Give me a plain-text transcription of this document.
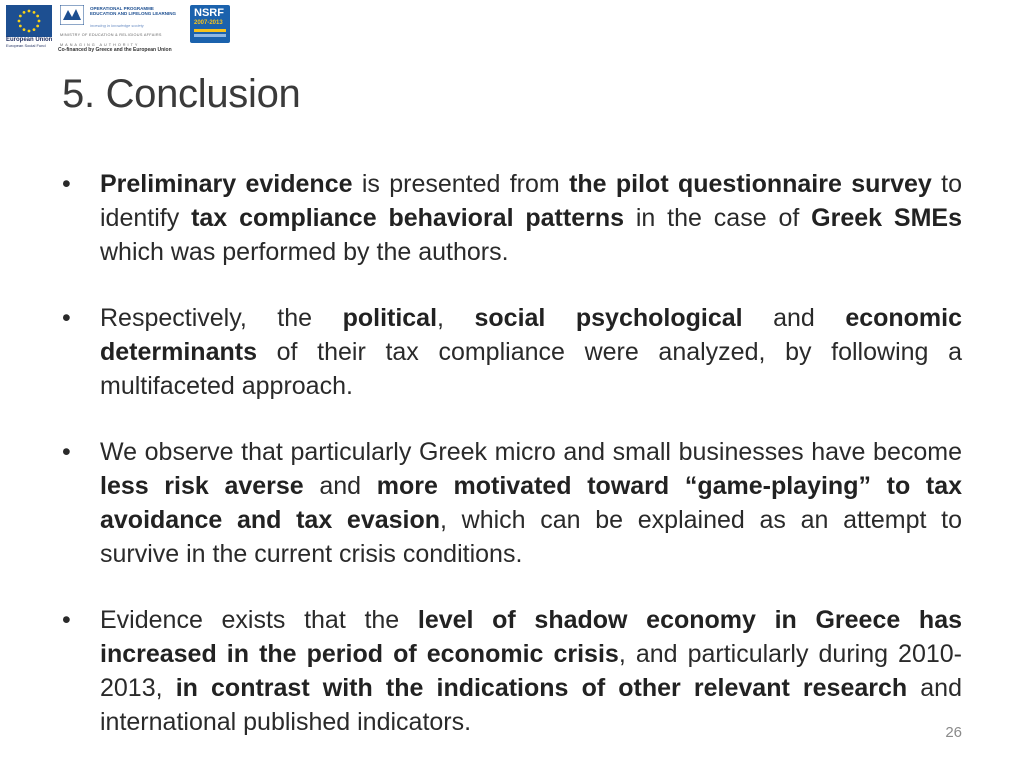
European Union
European Social Fund
OPERATIONAL PROGRAMME
EDUCATION AND LIFELONG LEARNING
investing in knowledge society
MINISTRY OF EDUCATION & RELIGIOUS AFFAIRS
MANAGING AUTHORITY
Co-financed by Greece and the European Union
NSRF
2007-2013
5. Conclusion
• Preliminary evidence is presented from the pilot questionnaire survey to identify tax compliance behavioral patterns in the case of Greek SMEs which was performed by the authors.

• Respectively, the political, social psychological and economic determinants of their tax compliance were analyzed, by following a multifaceted approach.

• We observe that particularly Greek micro and small businesses have become less risk averse and more motivated toward “game-playing” to tax avoidance and tax evasion, which can be explained as an attempt to survive in the current crisis conditions.

• Evidence exists that the level of shadow economy in Greece has increased in the period of economic crisis, and particularly during 2010-2013, in contrast with the indications of other relevant research and international published indicators.	26
